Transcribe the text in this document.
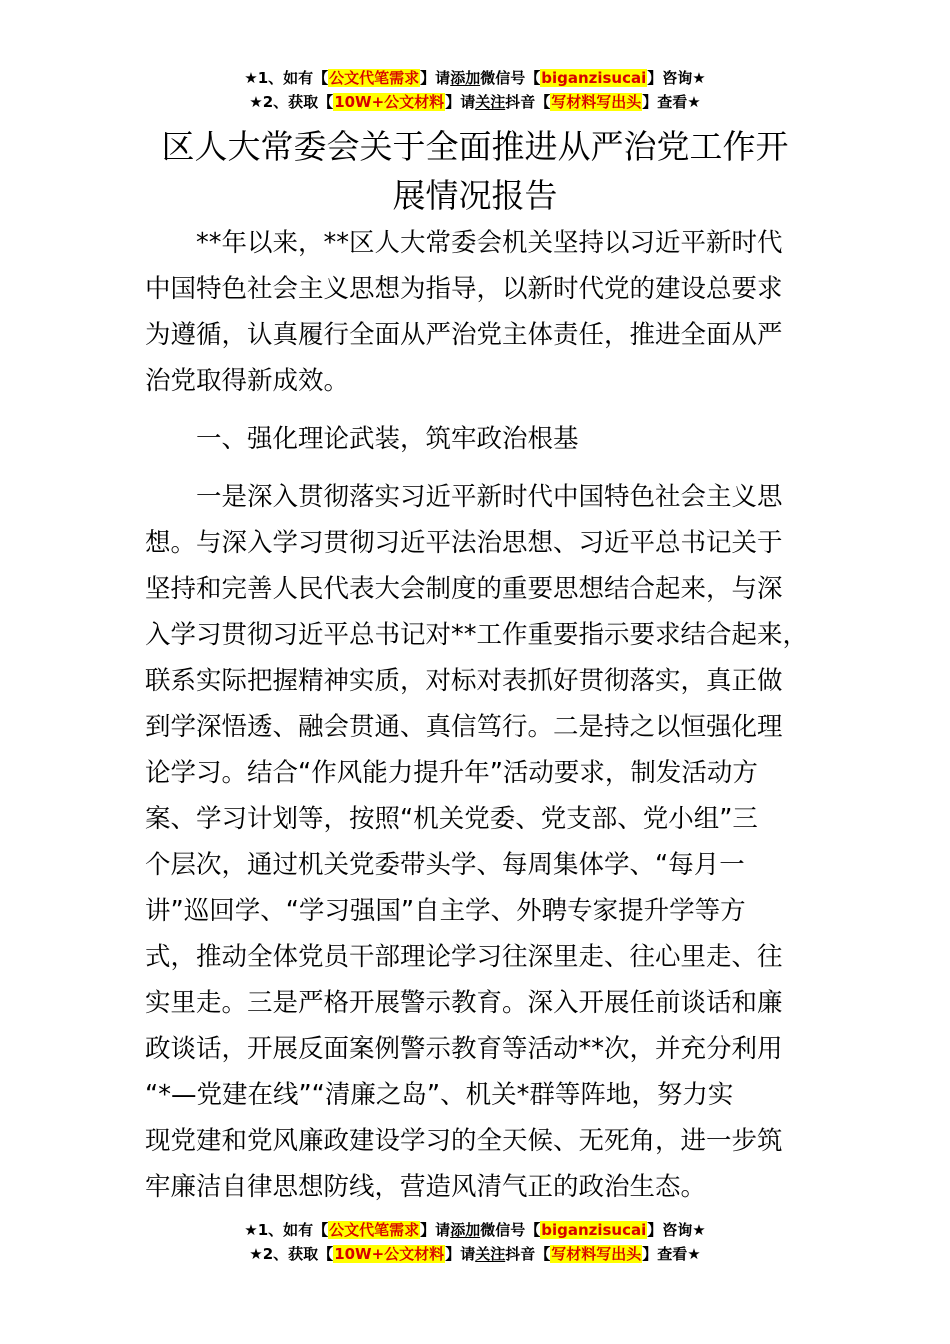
★1、如有【公文代笔需求】请添加微信号【biganzisucai】咨询★
★2、获取【10W+公文材料】请关注抖音【写材料写出头】查看★
区人大常委会关于全面推进从严治党工作开
展情况报告
　　**年以来，**区人大常委会机关坚持以习近平新时代
中国特色社会主义思想为指导，以新时代党的建设总要求
为遵循，认真履行全面从严治党主体责任，推进全面从严
治党取得新成效。
　　一、强化理论武装，筑牢政治根基
　　一是深入贯彻落实习近平新时代中国特色社会主义思
想。与深入学习贯彻习近平法治思想、习近平总书记关于
坚持和完善人民代表大会制度的重要思想结合起来，与深
入学习贯彻习近平总书记对**工作重要指示要求结合起来，
联系实际把握精神实质，对标对表抓好贯彻落实，真正做
到学深悟透、融会贯通、真信笃行。二是持之以恒强化理
论学习。结合“作风能力提升年”活动要求，制发活动方
案、学习计划等，按照“机关党委、党支部、党小组”三
个层次，通过机关党委带头学、每周集体学、“每月一
讲”巡回学、“学习强国”自主学、外聘专家提升学等方
式，推动全体党员干部理论学习往深里走、往心里走、往
实里走。三是严格开展警示教育。深入开展任前谈话和廉
政谈话，开展反面案例警示教育等活动**次，并充分利用
“*—党建在线”“清廉之岛”、机关*群等阵地，努力实
现党建和党风廉政建设学习的全天候、无死角，进一步筑
牢廉洁自律思想防线，营造风清气正的政治生态。
★1、如有【公文代笔需求】请添加微信号【biganzisucai】咨询★
★2、获取【10W+公文材料】请关注抖音【写材料写出头】查看★
